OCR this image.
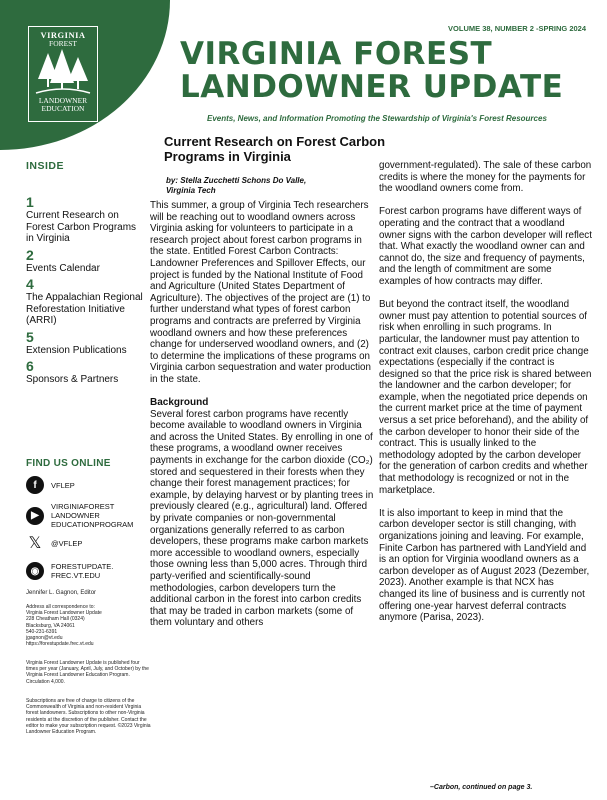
VIRGINIA
FOREST
LANDOWNER
EDUCATION
VOLUME 38, NUMBER 2 -SPRING 2024
VIRGINIA FOREST
LANDOWNER UPDATE
Events, News, and Information Promoting the Stewardship of Virginia's Forest Resources
INSIDE
1
Current Research on Forest Carbon Programs in Virginia
2
Events Calendar
4
The Appalachian Regional Reforestation Initiative (ARRI)
5
Extension Publications
6
Sponsors & Partners
FIND US ONLINE
f	VFLEP
▶
VIRGINIAFOREST
LANDOWNER
EDUCATIONPROGRAM
𝕏	@VFLEP
◉	FORESTUPDATE.
FREC.VT.EDU
Jennifer L. Gagnon, Editor
Address all correspondence to:
Virginia Forest Landowner Update
228 Cheatham Hall (0324)
Blacksburg, VA 24061
540-231-6391
jgagnon@vt.edu
https://forestupdate.frec.vt.edu
Virginia Forest Landowner Update is published four times per year (January, April, July, and October) by the Virginia Forest Landowner Education Program. Circulation 4,000.
Subscriptions are free of charge to citizens of the Commonwealth of Virginia and non-resident Virginia forest landowners. Subscriptions to other non-Virginia residents at the discretion of the publisher. Contact the editor to make your subscription request. ©2023 Virginia Landowner Education Program.
Current Research on Forest Carbon Programs in Virginia
by: Stella Zucchetti Schons Do Valle,
Virginia Tech

This summer, a group of Virginia Tech researchers will be reaching out to woodland owners across Virginia asking for volunteers to participate in a research project about forest carbon programs in the state. Entitled Forest Carbon Contracts: Landowner Preferences and Spillover Effects, our project is funded by the National Institute of Food and Agriculture (United States Department of Agriculture). The objectives of the project are (1) to further understand what types of forest carbon programs and contracts are preferred by Virginia woodland owners and how these preferences change for underserved woodland owners, and (2) to determine the implications of these programs on Virginia carbon sequestration and water production in the state.

Background

Several forest carbon programs have recently become available to woodland owners in Virginia and across the United States. By enrolling in one of these programs, a woodland owner receives payments in exchange for the carbon dioxide (CO₂) stored and sequestered in their forests when they change their forest management practices; for example, by delaying harvest or by planting trees in previously cleared (e.g., agricultural) land. Offered by private companies or non-governmental organizations generally referred to as carbon developers, these programs make carbon markets more accessible to woodland owners, especially those owning less than 5,000 acres. Through third party-verified and scientifically-sound methodologies, carbon developers turn the additional carbon in the forest into carbon credits that may be traded in carbon markets (some of them voluntary and others

government-regulated). The sale of these carbon credits is where the money for the payments for the woodland owners come from.

Forest carbon programs have different ways of operating and the contract that a woodland owner signs with the carbon developer will reflect that. What exactly the woodland owner can and cannot do, the size and frequency of payments, and the length of commitment are some examples of how contracts may differ.

But beyond the contract itself, the woodland owner must pay attention to potential sources of risk when enrolling in such programs. In particular, the landowner must pay attention to contract exit clauses, carbon credit price change expectations (especially if the contract is designed so that the price risk is shared between the landowner and the carbon developer; for example, when the negotiated price depends on the current market price at the time of payment versus a set price beforehand), and the ability of the carbon developer to honor their side of the contract. This is usually linked to the methodology adopted by the carbon developer for the generation of carbon credits and whether that methodology is recognized or not in the marketplace.

It is also important to keep in mind that the carbon developer sector is still changing, with organizations joining and leaving. For example, Finite Carbon has partnered with LandYield and is an option for Virginia woodland owners as a carbon developer as of August 2023 (Dezember, 2023). Another example is that NCX has changed its line of business and is currently not offering one-year harvest deferral contracts anymore (Parisa, 2023).

–Carbon, continued on page 3.
